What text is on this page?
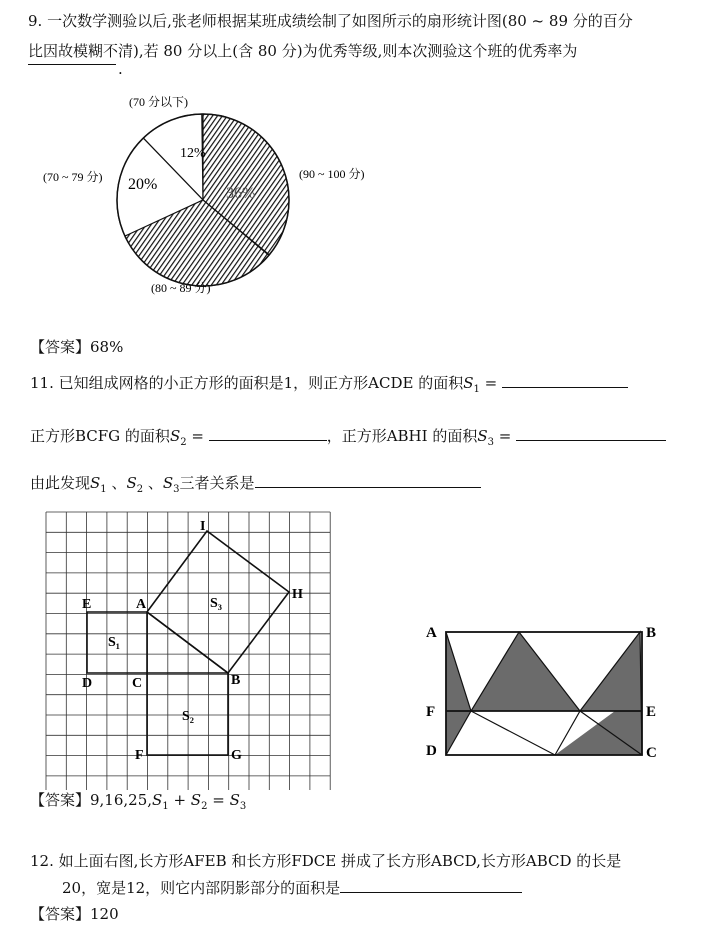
9. 一次数学测验以后,张老师根据某班成绩绘制了如图所示的扇形统计图(80 ~ 89 分的百分
比因故模糊不清),若 80 分以上(含 80 分)为优秀等级,则本次测验这个班的优秀率为
.
(70 分以下)
(70 ~ 79 分)	(90 ~ 100 分)
(80 ~ 89 分)
12%
20%
36%
【答案】68%
11. 已知组成网格的小正方形的面积是1，则正方形ACDE 的面积$S_1$ =
正方形BCFG 的面积$S_2$ =	，正方形ABHI 的面积$S_3$ =
由此发现$S_1$ 、$S_2$ 、$S_3$三者关系是
I
H
E	A	S₃
S₁
D	C	B
S₂
F	G
【答案】$9,16,25,S_1 + S_2 = S_3$
A	B
F	E
D	C
12. 如上面右图,长方形AFEB 和长方形FDCE 拼成了长方形ABCD,长方形ABCD 的长是
20，宽是12，则它内部阴影部分的面积是
【答案】120
